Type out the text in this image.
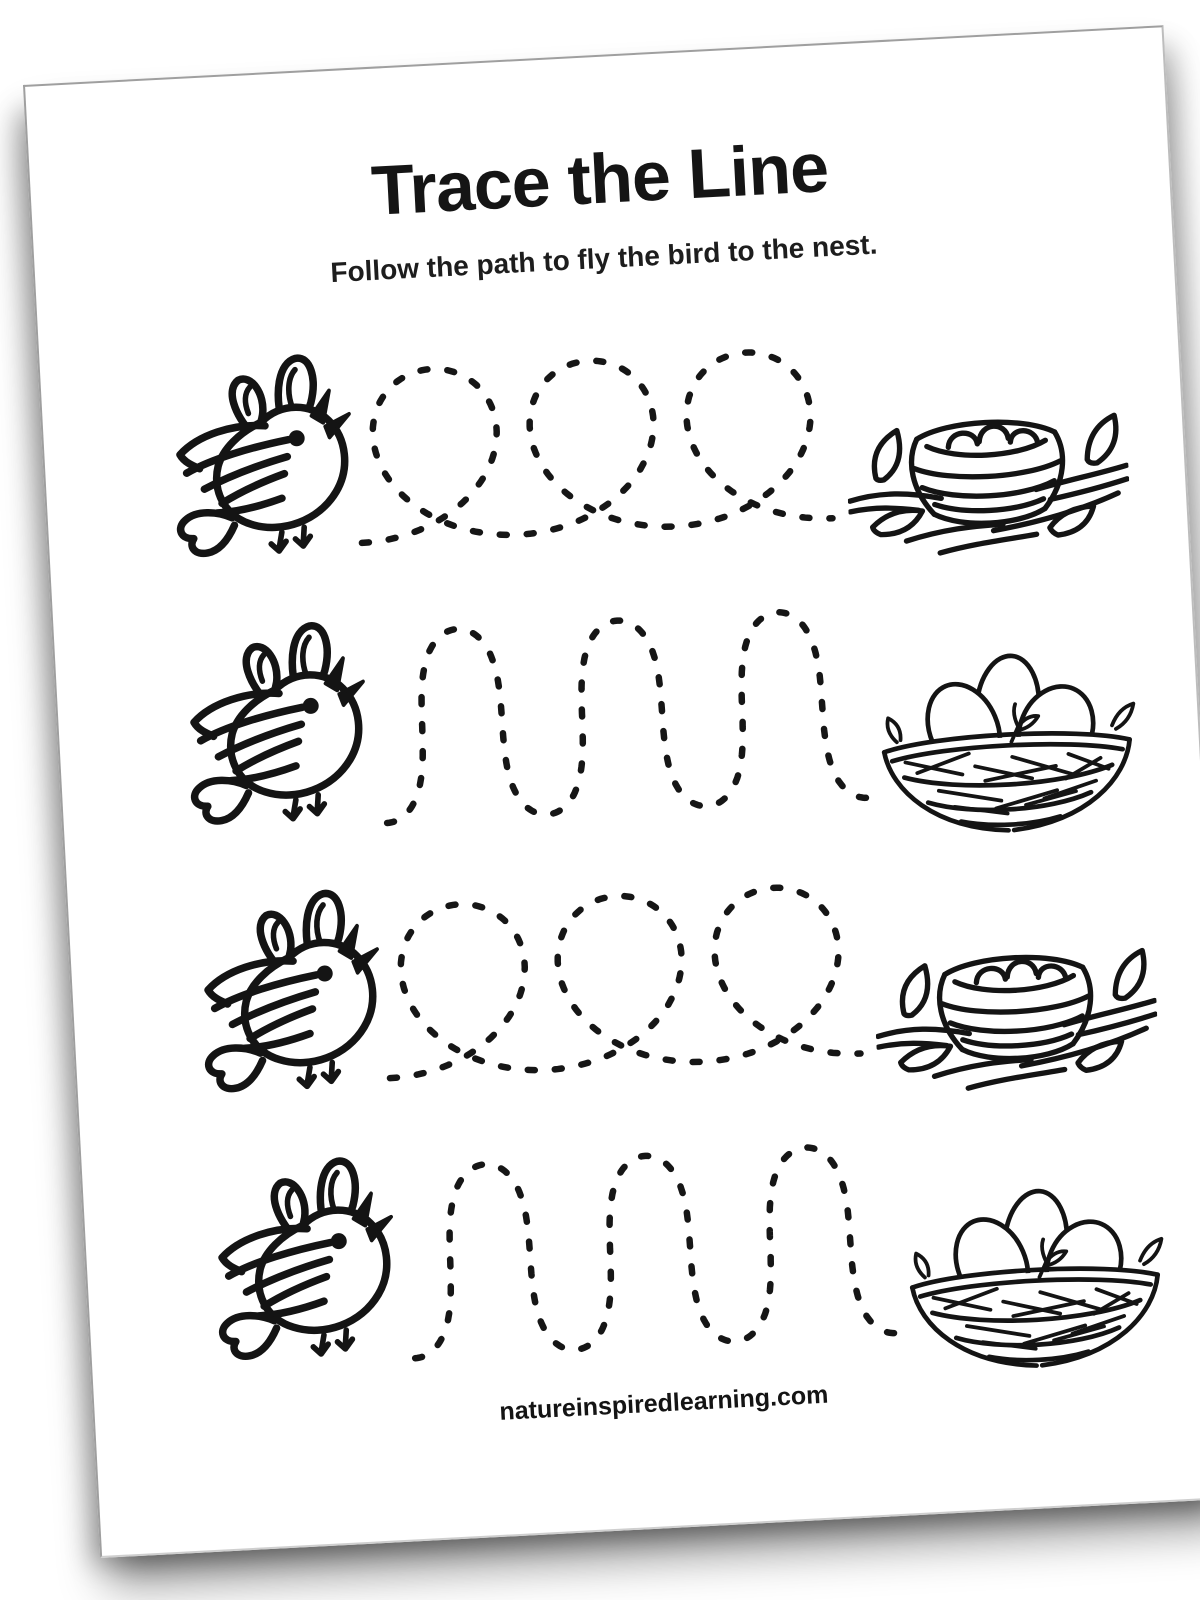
Trace the Line
Follow the path to fly the bird to the nest.
natureinspiredlearning.com
